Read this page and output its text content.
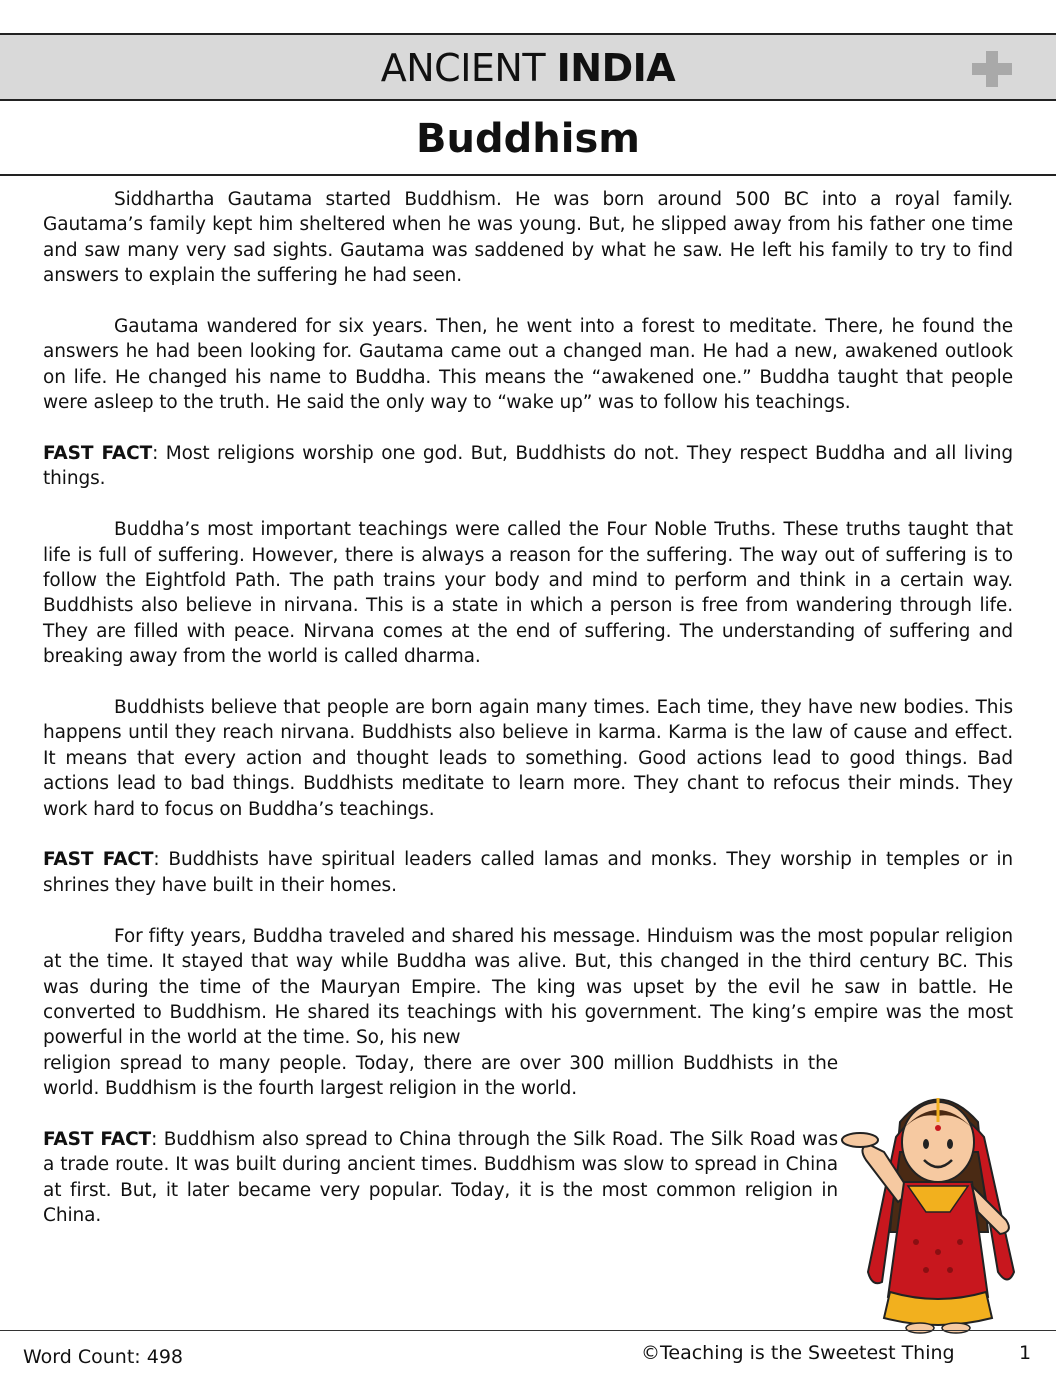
ANCIENT INDIA
Buddhism

Siddhartha Gautama started Buddhism. He was born around 500 BC into a royal family. Gautama’s family kept him sheltered when he was young. But, he slipped away from his father one time and saw many very sad sights. Gautama was saddened by what he saw. He left his family to try to find answers to explain the suffering he had seen.

Gautama wandered for six years. Then, he went into a forest to meditate. There, he found the answers he had been looking for. Gautama came out a changed man. He had a new, awakened outlook on life. He changed his name to Buddha. This means the “awakened one.” Buddha taught that people were asleep to the truth. He said the only way to “wake up” was to follow his teachings.

FAST FACT: Most religions worship one god. But, Buddhists do not. They respect Buddha and all living things.

Buddha’s most important teachings were called the Four Noble Truths. These truths taught that life is full of suffering. However, there is always a reason for the suffering. The way out of suffering is to follow the Eightfold Path. The path trains your body and mind to perform and think in a certain way. Buddhists also believe in nirvana. This is a state in which a person is free from wandering through life. They are filled with peace. Nirvana comes at the end of suffering. The understanding of suffering and breaking away from the world is called dharma.

Buddhists believe that people are born again many times. Each time, they have new bodies. This happens until they reach nirvana. Buddhists also believe in karma. Karma is the law of cause and effect. It means that every action and thought leads to something. Good actions lead to good things. Bad actions lead to bad things. Buddhists meditate to learn more. They chant to refocus their minds. They work hard to focus on Buddha’s teachings.

FAST FACT: Buddhists have spiritual leaders called lamas and monks. They worship in temples or in shrines they have built in their homes.

For fifty years, Buddha traveled and shared his message. Hinduism was the most popular religion at the time. It stayed that way while Buddha was alive. But, this changed in the third century BC. This was during the time of the Mauryan Empire. The king was upset by the evil he saw in battle. He converted to Buddhism. He shared its teachings with his government. The king’s empire was the most powerful in the world at the time. So, his new

religion spread to many people. Today, there are over 300 million Buddhists in the world. Buddhism is the fourth largest religion in the world.

FAST FACT: Buddhism also spread to China through the Silk Road. The Silk Road was a trade route. It was built during ancient times. Buddhism was slow to spread in China at first. But, it later became very popular. Today, it is the most common religion in China.

Word Count: 498	©Teaching is the Sweetest Thing	1
